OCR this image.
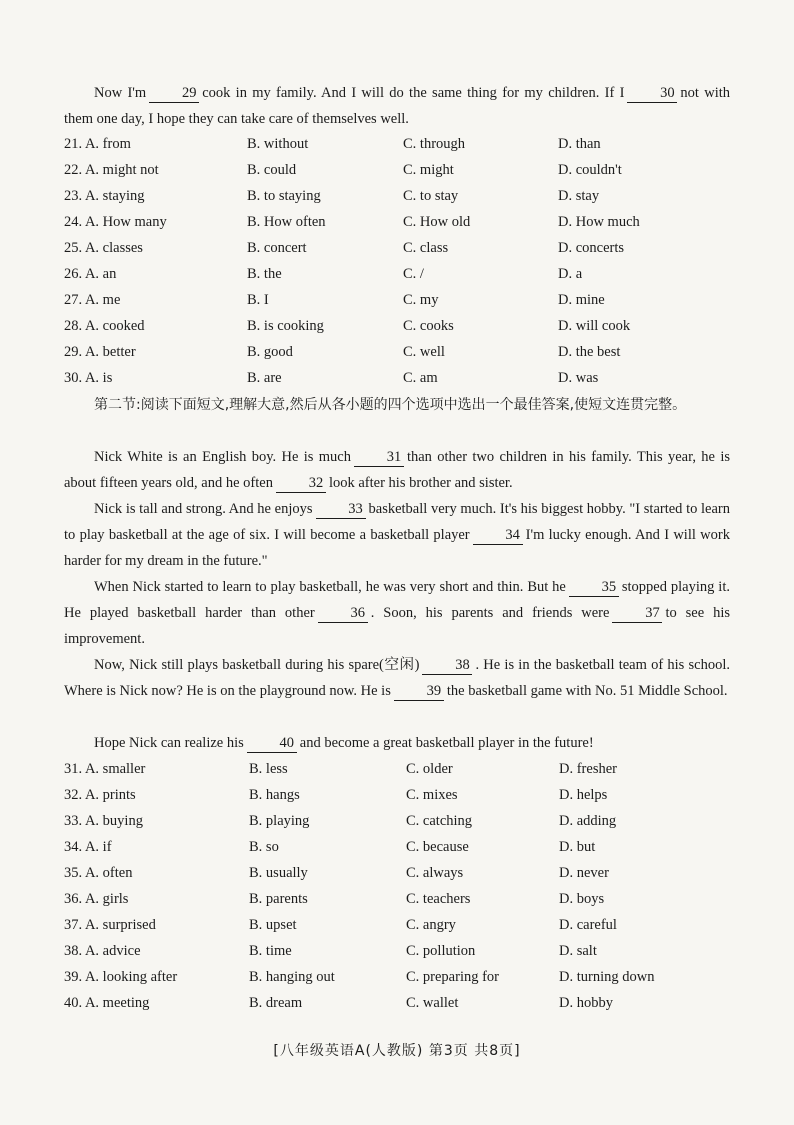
Now I'm 29 cook in my family. And I will do the same thing for my children. If I 30 not with them one day, I hope they can take care of themselves well.
21. A. from	B. without	C. through	D. than
22. A. might not	B. could	C. might	D. couldn't
23. A. staying	B. to staying	C. to stay	D. stay
24. A. How many	B. How often	C. How old	D. How much
25. A. classes	B. concert	C. class	D. concerts
26. A. an	B. the	C. /	D. a
27. A. me	B. I	C. my	D. mine
28. A. cooked	B. is cooking	C. cooks	D. will cook
29. A. better	B. good	C. well	D. the best
30. A. is	B. are	C. am	D. was
第二节:阅读下面短文,理解大意,然后从各小题的四个选项中选出一个最佳答案,使短文连贯完整。
Nick White is an English boy. He is much 31 than other two children in his family. This year, he is about fifteen years old, and he often 32 look after his brother and sister.
Nick is tall and strong. And he enjoys 33 basketball very much. It's his biggest hobby. "I started to learn to play basketball at the age of six. I will become a basketball player 34 I'm lucky enough. And I will work harder for my dream in the future."
When Nick started to learn to play basketball, he was very short and thin. But he 35 stopped playing it. He played basketball harder than other 36 . Soon, his parents and friends were 37 to see his improvement.
Now, Nick still plays basketball during his spare(空闲) 38 . He is in the basketball team of his school. Where is Nick now? He is on the playground now. He is 39 the basketball game with No. 51 Middle School.
Hope Nick can realize his 40 and become a great basketball player in the future!
31. A. smaller	B. less	C. older	D. fresher
32. A. prints	B. hangs	C. mixes	D. helps
33. A. buying	B. playing	C. catching	D. adding
34. A. if	B. so	C. because	D. but
35. A. often	B. usually	C. always	D. never
36. A. girls	B. parents	C. teachers	D. boys
37. A. surprised	B. upset	C. angry	D. careful
38. A. advice	B. time	C. pollution	D. salt
39. A. looking after	B. hanging out	C. preparing for	D. turning down
40. A. meeting	B. dream	C. wallet	D. hobby
[八年级英语A(人教版) 第3页 共8页]
